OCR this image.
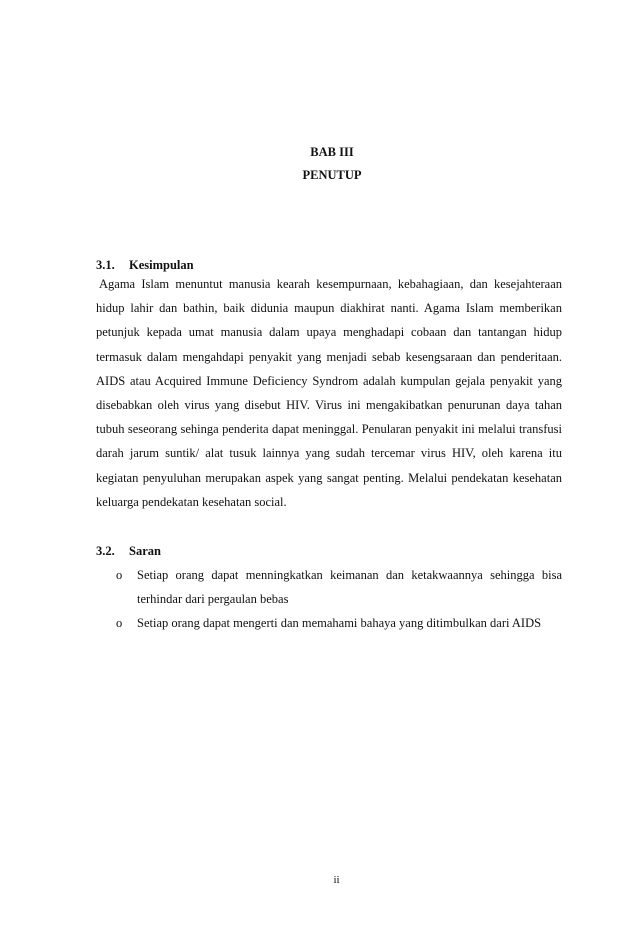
BAB III
PENUTUP
3.1. Kesimpulan

Agama Islam menuntut manusia kearah kesempurnaan, kebahagiaan, dan kesejahteraan hidup lahir dan bathin, baik didunia maupun diakhirat nanti. Agama Islam memberikan petunjuk kepada umat manusia dalam upaya menghadapi cobaan dan tantangan hidup termasuk dalam mengahdapi penyakit yang menjadi sebab kesengsaraan dan penderitaan. AIDS atau Acquired Immune Deficiency Syndrom adalah kumpulan gejala penyakit yang disebabkan oleh virus yang disebut HIV. Virus ini mengakibatkan penurunan daya tahan tubuh seseorang sehinga penderita dapat meninggal. Penularan penyakit ini melalui transfusi darah jarum suntik/ alat tusuk lainnya yang sudah tercemar virus HIV, oleh karena itu kegiatan penyuluhan merupakan aspek yang sangat penting. Melalui pendekatan kesehatan keluarga pendekatan kesehatan social.

3.2. Saran
o Setiap orang dapat menningkatkan keimanan dan ketakwaannya sehingga bisa terhindar dari pergaulan bebas
o Setiap orang dapat mengerti dan memahami bahaya yang ditimbulkan dari AIDS
ii
